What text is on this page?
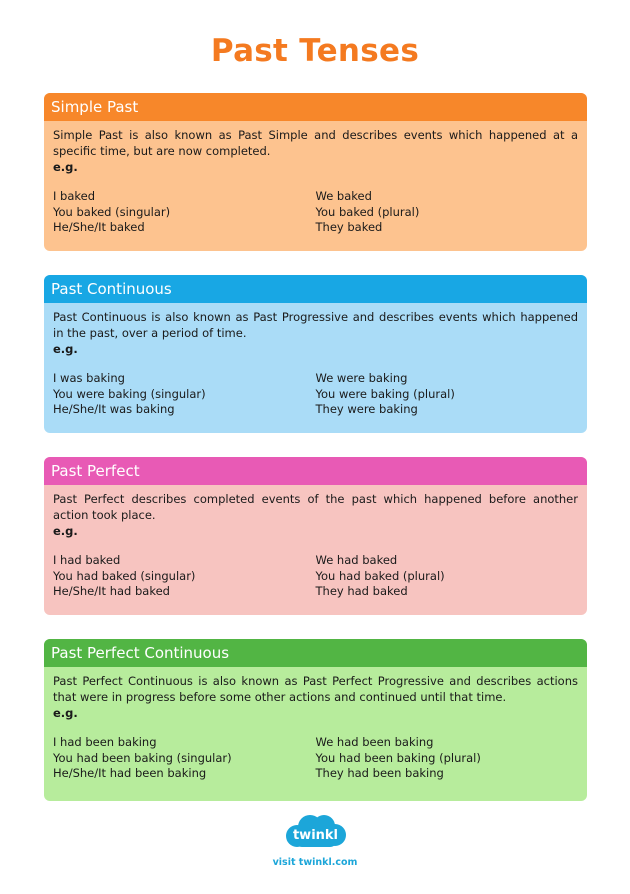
Past Tenses
Simple Past

Simple Past is also known as Past Simple and describes events which happened at a specific time, but are now completed.

e.g.

I baked
You baked (singular)
He/She/It baked
We baked
You baked (plural)
They baked
Past Continuous

Past Continuous is also known as Past Progressive and describes events which happened in the past, over a period of time.

e.g.

I was baking
You were baking (singular)
He/She/It was baking
We were baking
You were baking (plural)
They were baking
Past Perfect

Past Perfect describes completed events of the past which happened before another action took place.

e.g.

I had baked
You had baked (singular)
He/She/It had baked
We had baked
You had baked (plural)
They had baked
Past Perfect Continuous

Past Perfect Continuous is also known as Past Perfect Progressive and describes actions that were in progress before some other actions and continued until that time.

e.g.

I had been baking
You had been baking (singular)
He/She/It had been baking
We had been baking
You had been baking (plural)
They had been baking
twinkl
visit twinkl.com
